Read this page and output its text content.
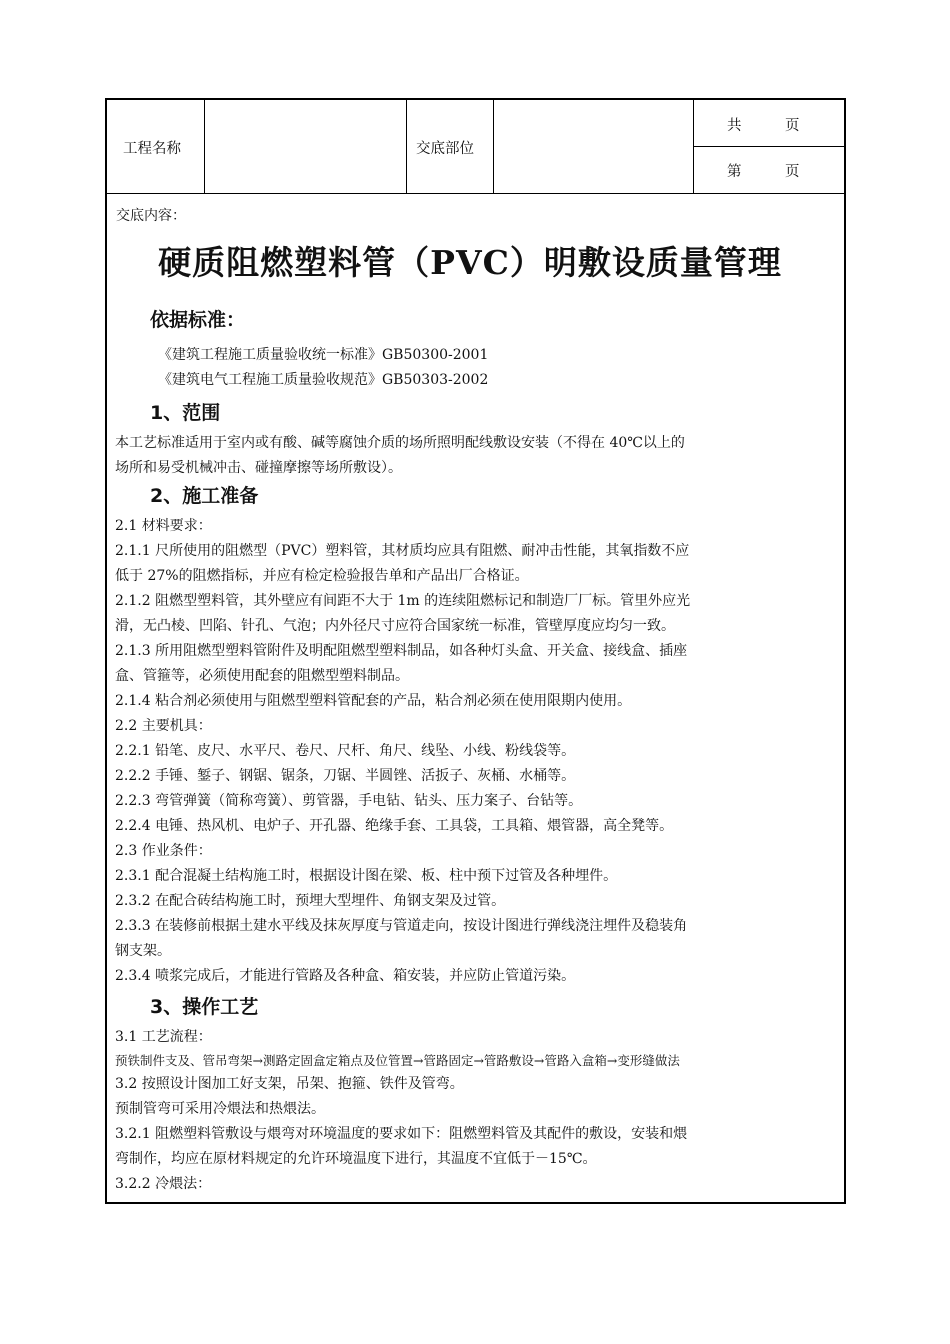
工程名称	交底部位
共　　　页
第　　　页
交底内容：
硬质阻燃塑料管（PVC）明敷设质量管理
依据标准：
《建筑工程施工质量验收统一标准》GB50300-2001
《建筑电气工程施工质量验收规范》GB50303-2002
1、范围
本工艺标准适用于室内或有酸、碱等腐蚀介质的场所照明配线敷设安装（不得在 40℃以上的
场所和易受机械冲击、碰撞摩擦等场所敷设）。
2、施工准备
2.1 材料要求：
2.1.1 尺所使用的阻燃型（PVC）塑料管，其材质均应具有阻燃、耐冲击性能，其氧指数不应
低于 27%的阻燃指标，并应有检定检验报告单和产品出厂合格证。
2.1.2 阻燃型塑料管，其外壁应有间距不大于 1m 的连续阻燃标记和制造厂厂标。管里外应光
滑，无凸棱、凹陷、针孔、气泡；内外径尺寸应符合国家统一标准，管壁厚度应均匀一致。
2.1.3 所用阻燃型塑料管附件及明配阻燃型塑料制品，如各种灯头盒、开关盒、接线盒、插座
盒、管箍等，必须使用配套的阻燃型塑料制品。
2.1.4 粘合剂必须使用与阻燃型塑料管配套的产品，粘合剂必须在使用限期内使用。
2.2 主要机具：
2.2.1 铅笔、皮尺、水平尺、卷尺、尺杆、角尺、线坠、小线、粉线袋等。
2.2.2 手锤、錾子、钢锯、锯条，刀锯、半圆锉、活扳子、灰桶、水桶等。
2.2.3 弯管弹簧（简称弯簧）、剪管器，手电钻、钻头、压力案子、台钻等。
2.2.4 电锤、热风机、电炉子、开孔器、绝缘手套、工具袋，工具箱、煨管器，高全凳等。
2.3 作业条件：
2.3.1 配合混凝土结构施工时，根据设计图在梁、板、柱中预下过管及各种埋件。
2.3.2 在配合砖结构施工时，预埋大型埋件、角钢支架及过管。
2.3.3 在装修前根据土建水平线及抹灰厚度与管道走向，按设计图进行弹线浇注埋件及稳装角
钢支架。
2.3.4 喷浆完成后，才能进行管路及各种盒、箱安装，并应防止管道污染。
3、操作工艺
3.1 工艺流程：
预铁制件支及、管吊弯架→测路定固盒定箱点及位管置→管路固定→管路敷设→管路入盒箱→变形缝做法
3.2 按照设计图加工好支架，吊架、抱箍、铁件及管弯。
预制管弯可采用冷煨法和热煨法。
3.2.1 阻燃塑料管敷设与煨弯对环境温度的要求如下：阻燃塑料管及其配件的敷设，安装和煨
弯制作，均应在原材料规定的允许环境温度下进行，其温度不宜低于－15℃。
3.2.2 冷煨法：
